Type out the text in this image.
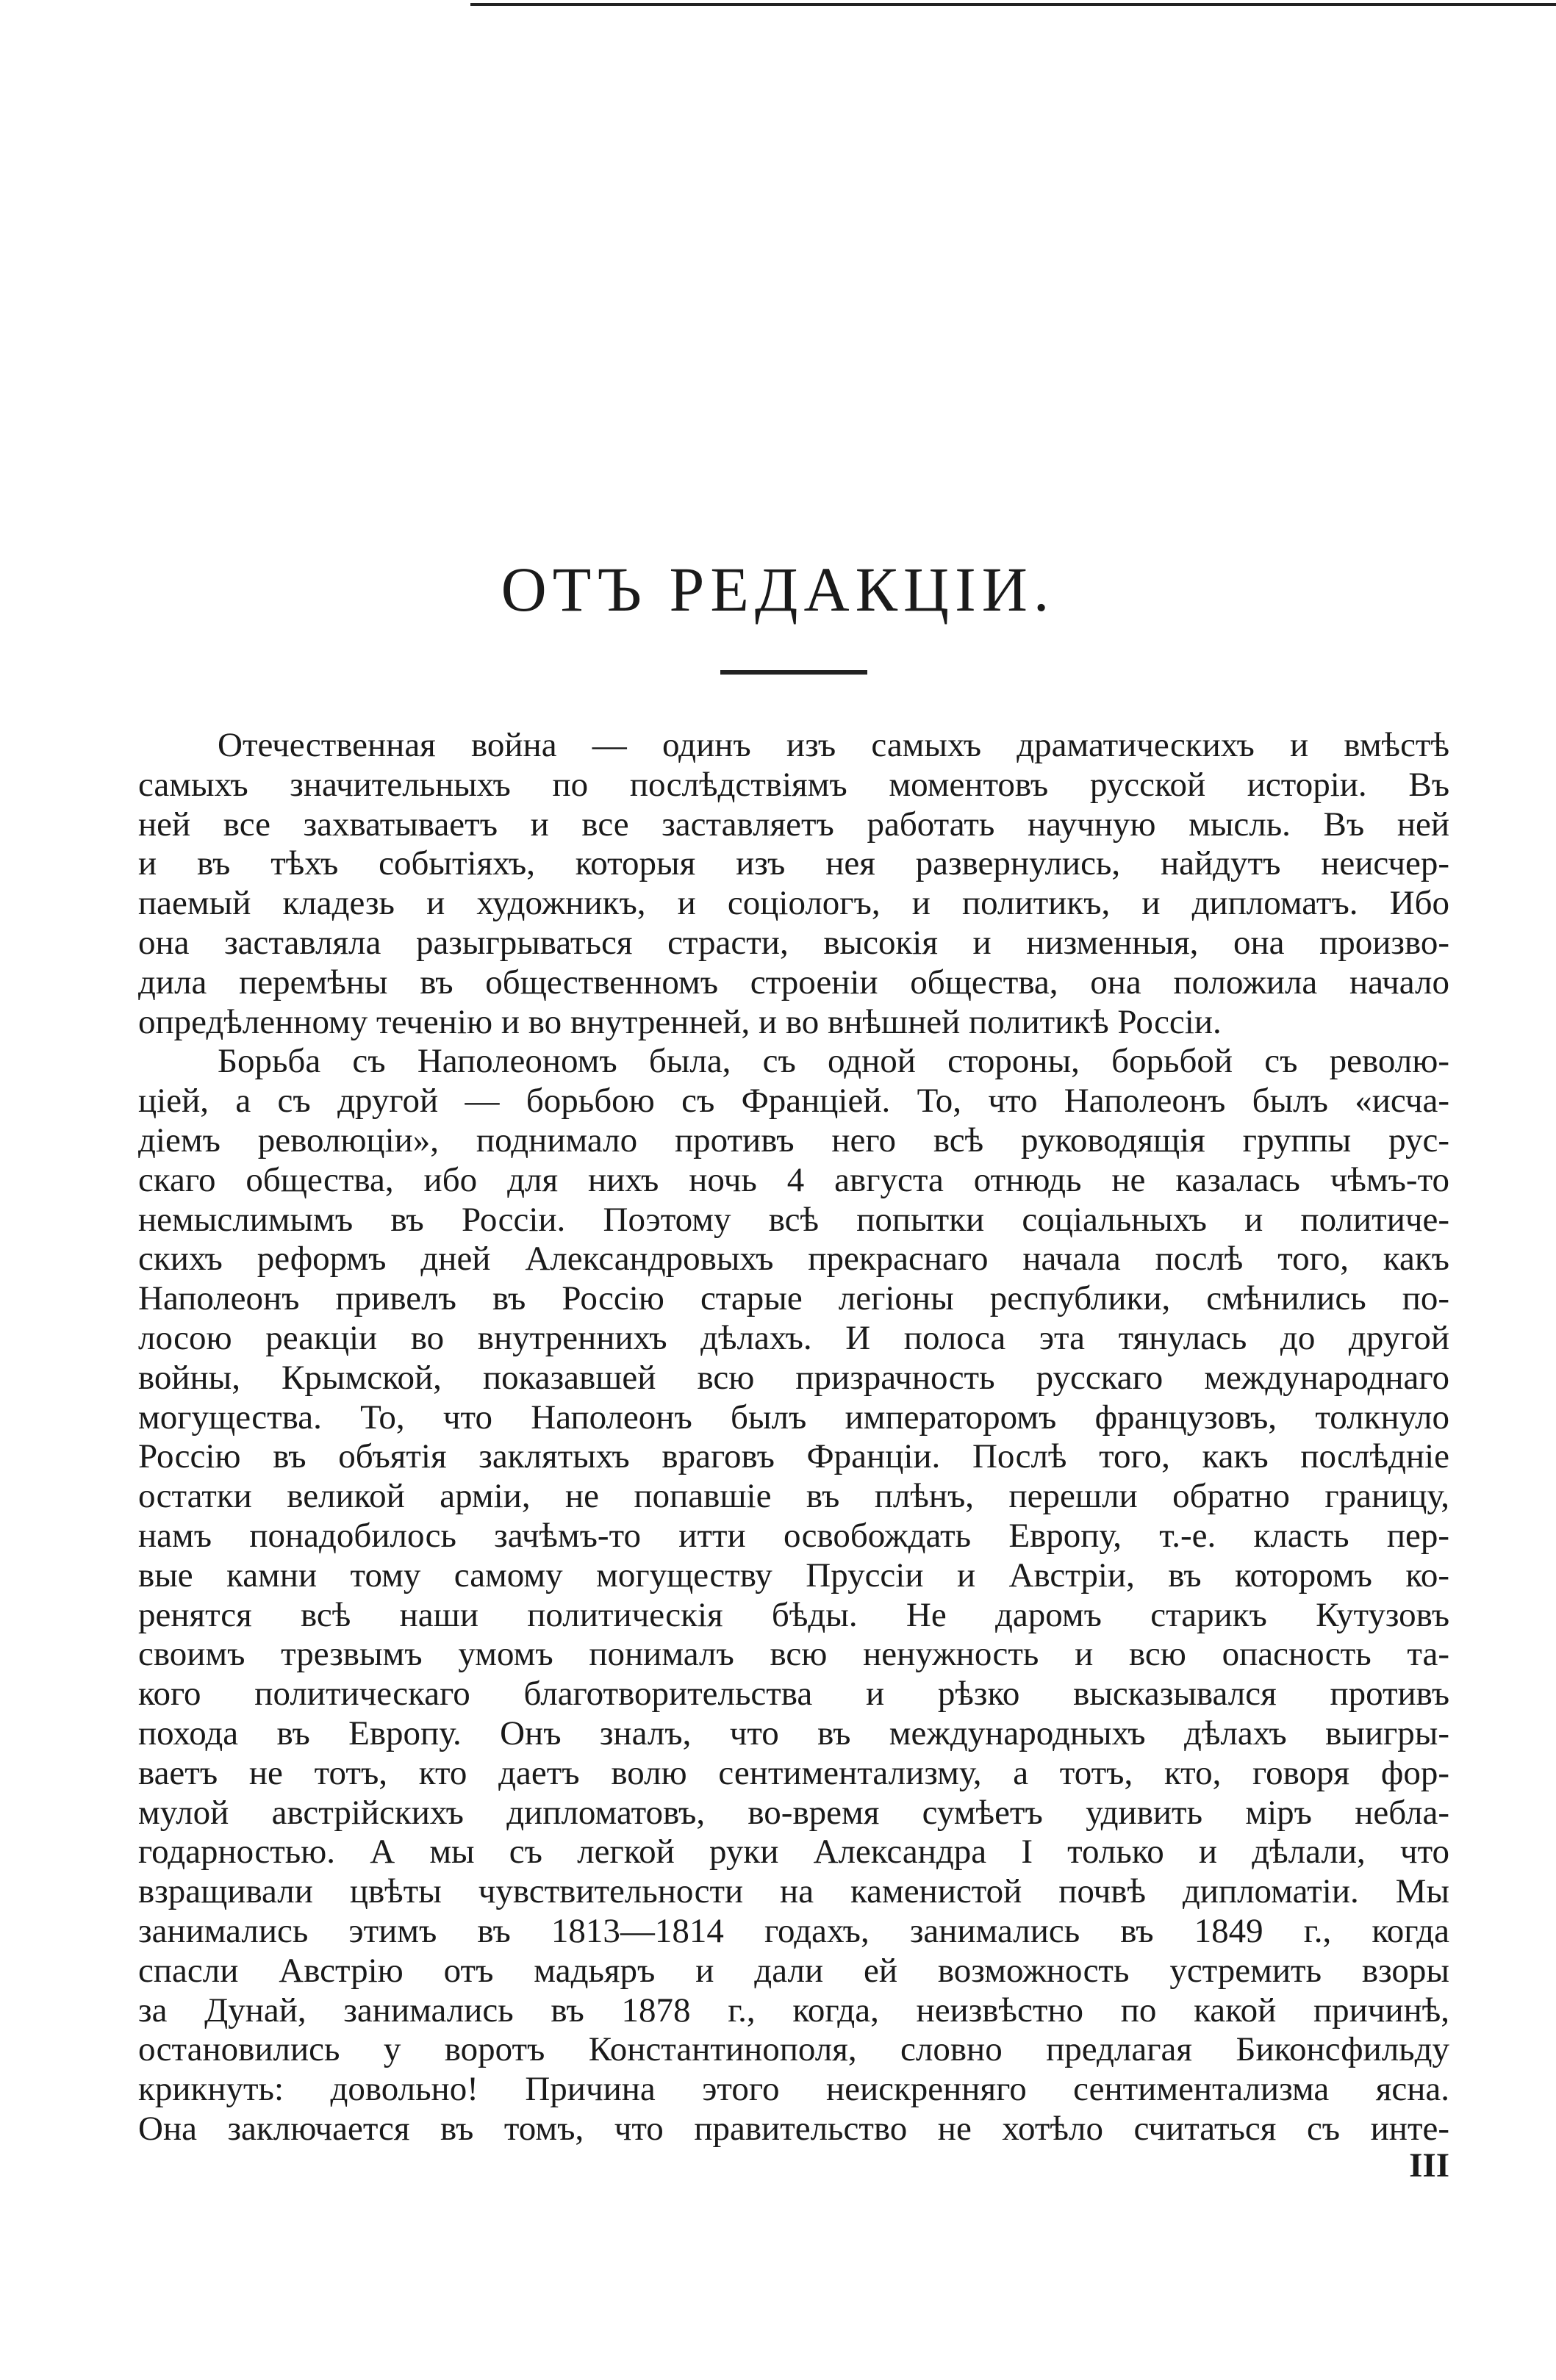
ОТЪ РЕДАКЦІИ.
Отечественная война — одинъ изъ самыхъ драматическихъ и вмѣстѣ
самыхъ значительныхъ по послѣдствіямъ моментовъ русской исторіи. Въ
ней все захватываетъ и все заставляетъ работать научную мысль. Въ ней
и въ тѣхъ событіяхъ, которыя изъ нея развернулись, найдутъ неисчер-
паемый кладезь и художникъ, и соціологъ, и политикъ, и дипломатъ. Ибо
она заставляла разыгрываться страсти, высокія и низменныя, она произво-
дила перемѣны въ общественномъ строеніи общества, она положила начало
опредѣленному теченію и во внутренней, и во внѣшней политикѣ Россіи.
Борьба съ Наполеономъ была, съ одной стороны, борьбой съ револю-
ціей, а съ другой — борьбою съ Франціей. То, что Наполеонъ былъ «исча-
діемъ революціи», поднимало противъ него всѣ руководящія группы рус-
скаго общества, ибо для нихъ ночь 4 августа отнюдь не казалась чѣмъ-то
немыслимымъ въ Россіи. Поэтому всѣ попытки соціальныхъ и политиче-
скихъ реформъ дней Александровыхъ прекраснаго начала послѣ того, какъ
Наполеонъ привелъ въ Россію старые легіоны республики, смѣнились по-
лосою реакціи во внутреннихъ дѣлахъ. И полоса эта тянулась до другой
войны, Крымской, показавшей всю призрачность русскаго международнаго
могущества. То, что Наполеонъ былъ императоромъ французовъ, толкнуло
Россію въ объятія заклятыхъ враговъ Франціи. Послѣ того, какъ послѣдніе
остатки великой арміи, не попавшіе въ плѣнъ, перешли обратно границу,
намъ понадобилось зачѣмъ-то итти освобождать Европу, т.-е. класть пер-
вые камни тому самому могуществу Пруссіи и Австріи, въ которомъ ко-
ренятся всѣ наши политическія бѣды. Не даромъ старикъ Кутузовъ
своимъ трезвымъ умомъ понималъ всю ненужность и всю опасность та-
кого политическаго благотворительства и рѣзко высказывался противъ
похода въ Европу. Онъ зналъ, что въ международныхъ дѣлахъ выигры-
ваетъ не тотъ, кто даетъ волю сентиментализму, а тотъ, кто, говоря фор-
мулой австрійскихъ дипломатовъ, во-время сумѣетъ удивить міръ небла-
годарностью. А мы съ легкой руки Александра I только и дѣлали, что
взращивали цвѣты чувствительности на каменистой почвѣ дипломатіи. Мы
занимались этимъ въ 1813—1814 годахъ, занимались въ 1849 г., когда
спасли Австрію отъ мадьяръ и дали ей возможность устремить взоры
за Дунай, занимались въ 1878 г., когда, неизвѣстно по какой причинѣ,
остановились у воротъ Константинополя, словно предлагая Биконсфильду
крикнуть: довольно! Причина этого неискренняго сентиментализма ясна.
Она заключается въ томъ, что правительство не хотѣло считаться съ инте-
III
